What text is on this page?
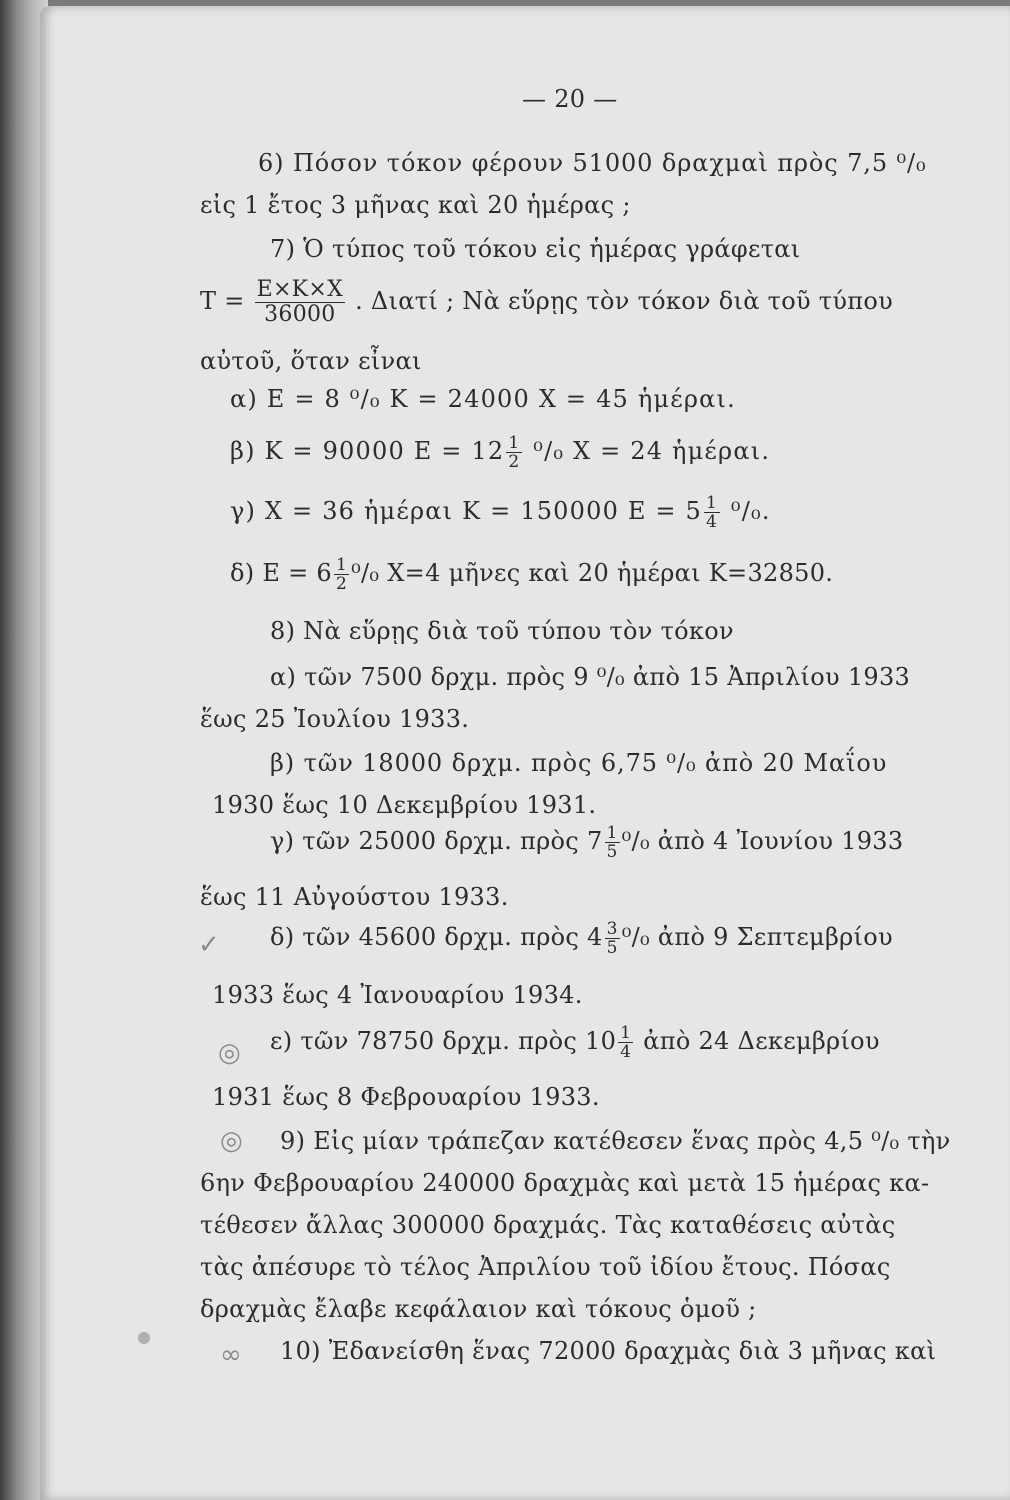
— 20 —
6) Πόσον τόκον φέρουν 51000 δραχμαὶ πρὸς 7,5 ⁰/₀
εἰς 1 ἔτος 3 μῆνας καὶ 20 ἡμέρας ;
7) Ὁ τύπος τοῦ τόκου εἰς ἡμέρας γράφεται
$T = \frac{E\times K\times X}{36000}$ . Διατί ; Νὰ εὕρῃς τὸν τόκον διὰ τοῦ τύπου
αὐτοῦ, ὅταν εἶναι
α) E = 8 ⁰/₀ K = 24000 X = 45 ἡμέραι.
β) K = 90000 $E = 12 \frac{1}{2} ^0/_0$ X = 24 ἡμέραι.
γ) X = 36 ἡμέραι K = 150000 $E = 5 \frac{1}{4} ^0/_0$.
δ) $E = 6 \frac{1}{2} ^0/_0$ X=4 μῆνες καὶ 20 ἡμέραι K=32850.
8) Νὰ εὕρῃς διὰ τοῦ τύπου τὸν τόκον
α) τῶν 7500 δρχμ. πρὸς 9 ⁰/₀ ἀπὸ 15 Ἀπριλίου 1933
ἕως 25 Ἰουλίου 1933.
β) τῶν 18000 δρχμ. πρὸς 6,75 ⁰/₀ ἀπὸ 20 Μαΐου
1930 ἕως 10 Δεκεμβρίου 1931.
γ) τῶν 25000 δρχμ. πρὸς $7 \frac{1}{5} ^0/_0$ ἀπὸ 4 Ἰουνίου 1933
ἕως 11 Αὐγούστου 1933.
δ) τῶν 45600 δρχμ. πρὸς $4 \frac{3}{5} ^0/_0$ ἀπὸ 9 Σεπτεμβρίου
1933 ἕως 4 Ἰανουαρίου 1934.
ε) τῶν 78750 δρχμ. πρὸς $10 \frac{1}{4}$ ἀπὸ 24 Δεκεμβρίου
1931 ἕως 8 Φεβρουαρίου 1933.
9) Εἰς μίαν τράπεζαν κατέθεσεν ἕνας πρὸς 4,5 ⁰/₀ τὴν
6ην Φεβρουαρίου 240000 δραχμὰς καὶ μετὰ 15 ἡμέρας κα-
τέθεσεν ἄλλας 300000 δραχμάς. Τὰς καταθέσεις αὐτὰς
τὰς ἀπέσυρε τὸ τέλος Ἀπριλίου τοῦ ἰδίου ἔτους. Πόσας
δραχμὰς ἔλαβε κεφάλαιον καὶ τόκους ὁμοῦ ;
10) Ἐδανείσθη ἕνας 72000 δραχμὰς διὰ 3 μῆνας καὶ
✓
◎
◎
∞
